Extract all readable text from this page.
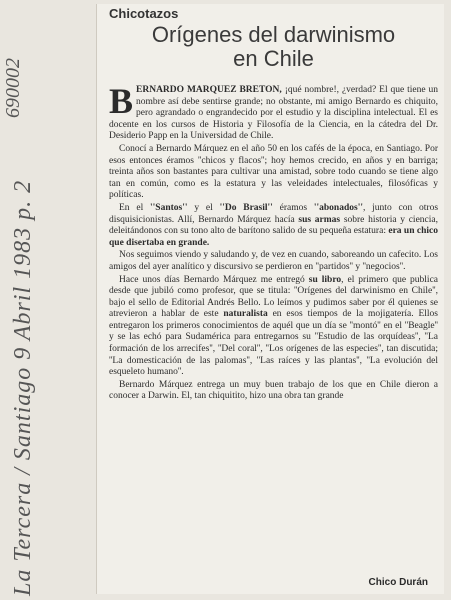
La Tercera / Santiago 9 Abril 1983 p. 2
690002
Chicotazos
Orígenes del darwinismo
en Chile

BERNARDO MARQUEZ BRETON, ¡qué nombre!, ¿verdad? El que tiene un nombre así debe sentirse grande; no obstante, mi amigo Bernardo es chiquito, pero agrandado o engrandecido por el estudio y la disciplina intelectual. El es docente en los cursos de Historia y Filosofía de la Ciencia, en la cátedra del Dr. Desiderio Papp en la Universidad de Chile.

Conocí a Bernardo Márquez en el año 50 en los cafés de la época, en Santiago. Por esos entonces éramos ''chicos y flacos''; hoy hemos crecido, en años y en barriga; treinta años son bastantes para cultivar una amistad, sobre todo cuando se tiene algo tan en común, como es la estatura y las veleidades intelectuales, filosóficas y políticas.

En el ''Santos'' y el ''Do Brasil'' éramos ''abonados'', junto con otros disquisicionistas. Allí, Bernardo Márquez hacía sus armas sobre historia y ciencia, deleitándonos con su tono alto de barítono salido de su pequeña estatura: era un chico que disertaba en grande.

Nos seguimos viendo y saludando y, de vez en cuando, saboreando un cafecito. Los amigos del ayer analítico y discursivo se perdieron en ''partidos'' y ''negocios''.

Hace unos días Bernardo Márquez me entregó su libro, el primero que publica desde que jubiló como profesor, que se titula: ''Orígenes del darwinismo en Chile'', bajo el sello de Editorial Andrés Bello. Lo leímos y pudimos saber por él quienes se atrevieron a hablar de este naturalista en esos tiempos de la mojigatería. Ellos entregaron los primeros conocimientos de aquél que un día se ''montó'' en el ''Beagle'' y se las echó para Sudamérica para entregarnos su ''Estudio de las orquídeas'', ''La formación de los arrecifes'', ''Del coral'', ''Los orígenes de las especies'', tan discutida; ''La domesticación de las palomas'', ''Las raíces y las plantas'', ''La evolución del esqueleto humano''.

Bernardo Márquez entrega un muy buen trabajo de los que en Chile dieron a conocer a Darwin. El, tan chiquitito, hizo una obra tan grande

Chico Durán
